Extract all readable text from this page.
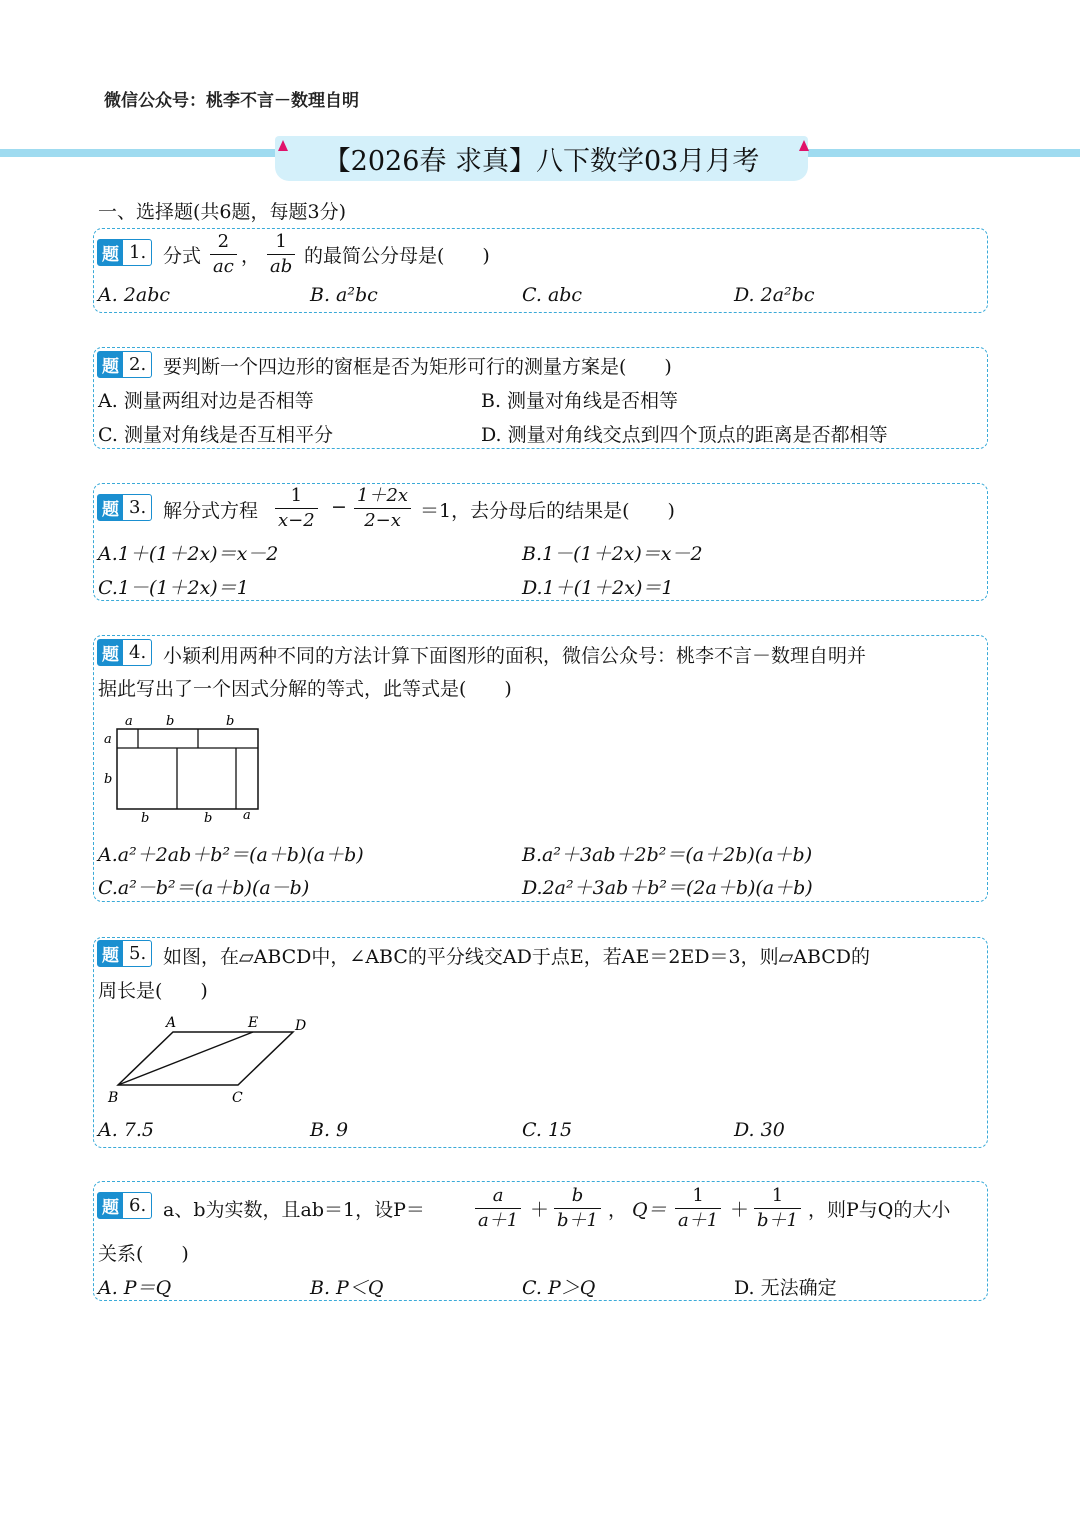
微信公众号：桃李不言－数理自明
【2026春 求真】八下数学03月月考
一、选择题(共6题，每题3分)
题 1. 分式
2
ac ，
1
ab 的最简公分母是(　　)
A. 2abc	B. a²bc	C. abc	D. 2a²bc
题 2. 要判断一个四边形的窗框是否为矩形可行的测量方案是(　　)
A. 测量两组对边是否相等	B. 测量对角线是否相等
C. 测量对角线是否互相平分	D. 测量对角线交点到四个顶点的距离是否都相等
题 3. 解分式方程
1
x−2
−
1＋2x
2−x ＝1，去分母后的结果是(　　)
A.1＋(1＋2x)＝x－2	B.1－(1＋2x)＝x－2
C.1－(1＋2x)＝1	D.1＋(1＋2x)＝1
题 4. 小颖利用两种不同的方法计算下面图形的面积，微信公众号：桃李不言－数理自明并
据此写出了一个因式分解的等式，此等式是(　　)
a	b	b
a
b
b	b a
A.a²＋2ab＋b²＝(a＋b)(a＋b)	B.a²＋3ab＋2b²＝(a＋2b)(a＋b)
C.a²－b²＝(a＋b)(a－b)	D.2a²＋3ab＋b²＝(2a＋b)(a＋b)
题 5. 如图，在▱ABCD中，∠ABC的平分线交AD于点E，若AE＝2ED＝3，则▱ABCD的
周长是(　　)
A	E	D
B	C
A. 7.5	B. 9	C. 15	D. 30
题 6. a、b为实数，且ab＝1，设P＝
a
a＋1 ＋
b
b＋1 ， Q＝
1
a＋1 ＋
1
b＋1 ，则P与Q的大小
关系(　　)
A. P＝Q	B. P＜Q	C. P＞Q	D. 无法确定
